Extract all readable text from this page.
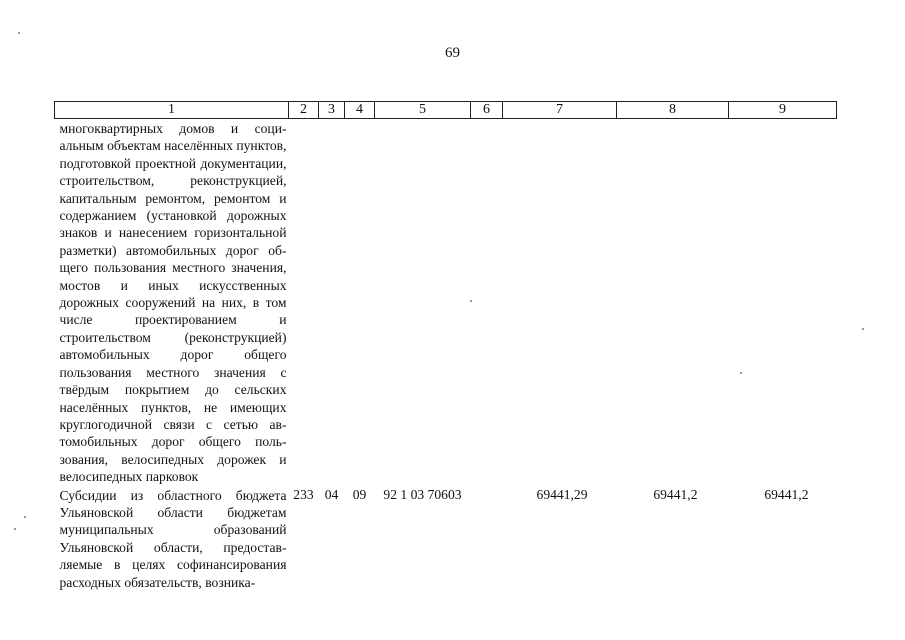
69
1	2	3	4	5	6	7	8	9
многоквартирных домов и социальным объектам населённых пунктов, подготовкой проектной документации, строительством, реконструкцией, капитальным ремонтом, ремонтом и содержанием (установкой дорожных знаков и нанесением горизонтальной разметки) автомобильных дорог общего пользования местного значения, мостов и иных искусственных дорожных сооружений на них, в том числе проектированием и строительством (реконструкцией) автомобильных дорог общего пользования местного значения с твёрдым покрытием до сельских населённых пунктов, не имеющих круглогодичной связи с сетью автомобильных дорог общего пользования, велосипедных дорожек и велосипедных парковок								
Субсидии из областного бюджета Ульяновской области бюджетам муниципальных образований Ульяновской области, предоставляемые в целях софинансирования расходных обязательств, возника-	233	04	09	92 1 03 70603		69441,29	69441,2	69441,2
